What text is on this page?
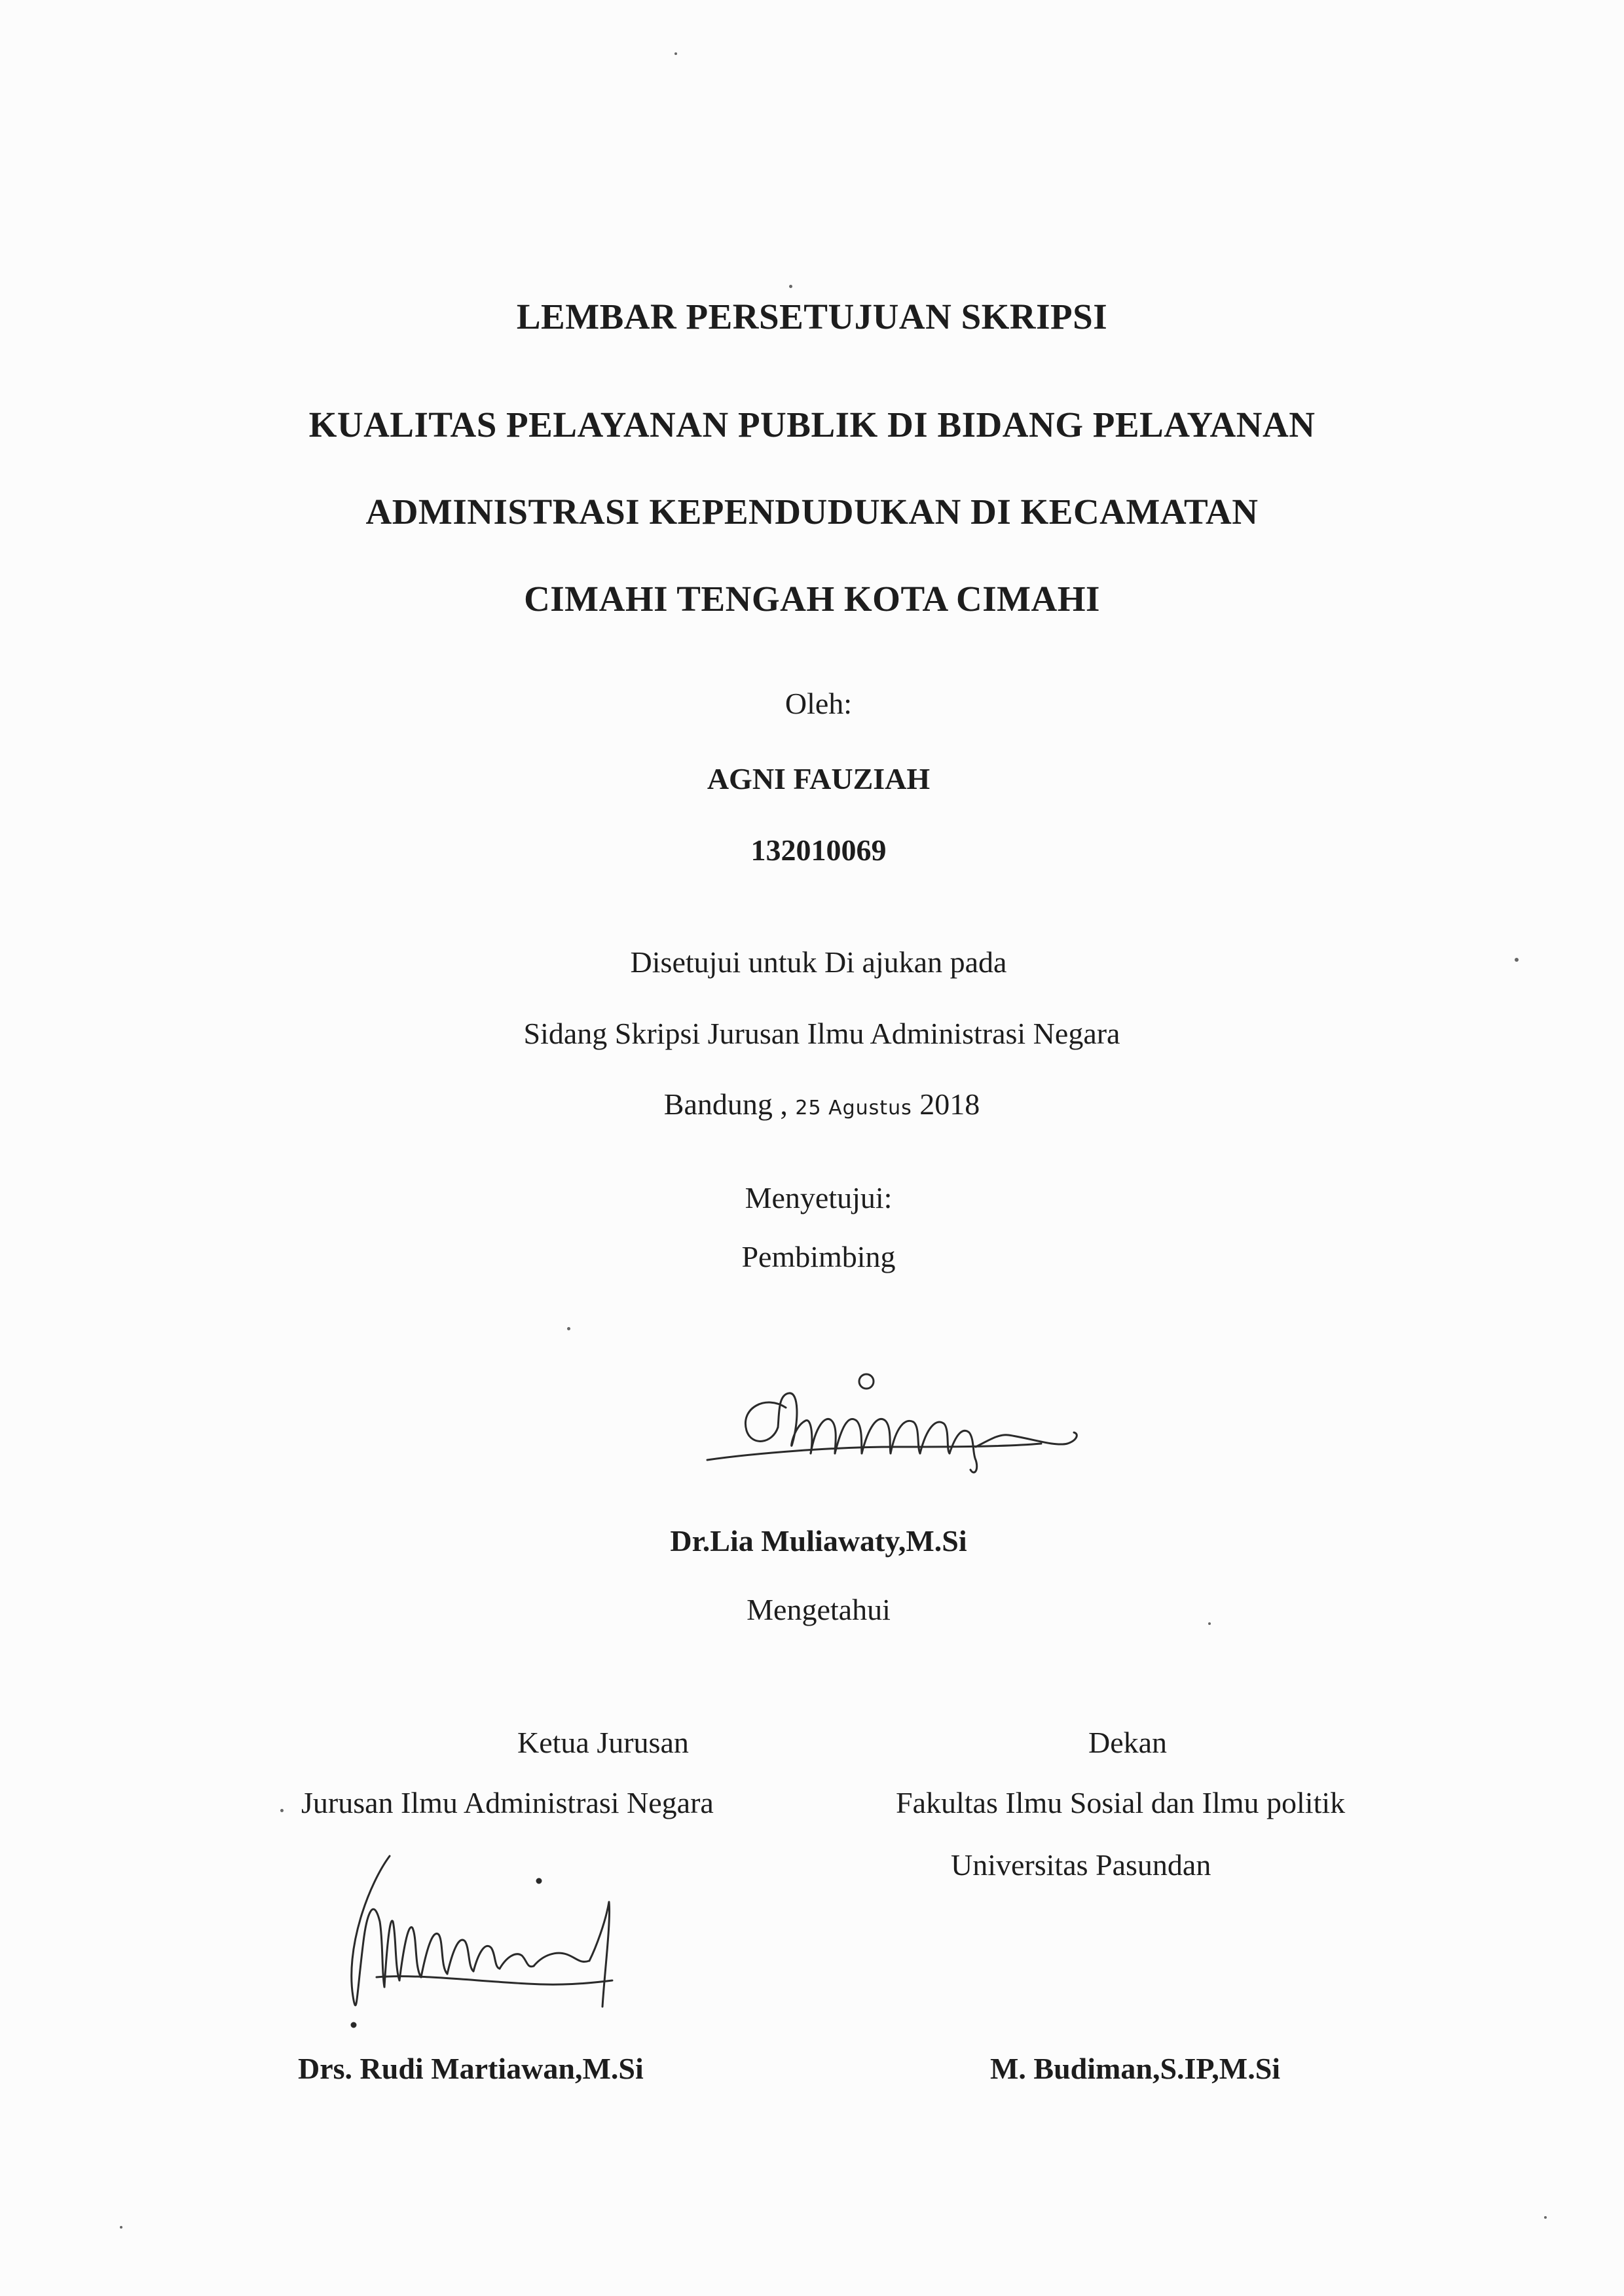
LEMBAR PERSETUJUAN SKRIPSI
KUALITAS PELAYANAN PUBLIK DI BIDANG PELAYANAN
ADMINISTRASI KEPENDUDUKAN DI KECAMATAN
CIMAHI TENGAH KOTA CIMAHI
Oleh:
AGNI FAUZIAH
132010069
Disetujui untuk Di ajukan pada
Sidang Skripsi Jurusan Ilmu Administrasi Negara
Bandung , 25 Agustus 2018
Menyetujui:
Pembimbing
Dr.Lia Muliawaty,M.Si
Mengetahui
Ketua Jurusan
Jurusan Ilmu Administrasi Negara
Dekan
Fakultas Ilmu Sosial dan Ilmu politik
Universitas Pasundan
Drs. Rudi Martiawan,M.Si	M. Budiman,S.IP,M.Si
